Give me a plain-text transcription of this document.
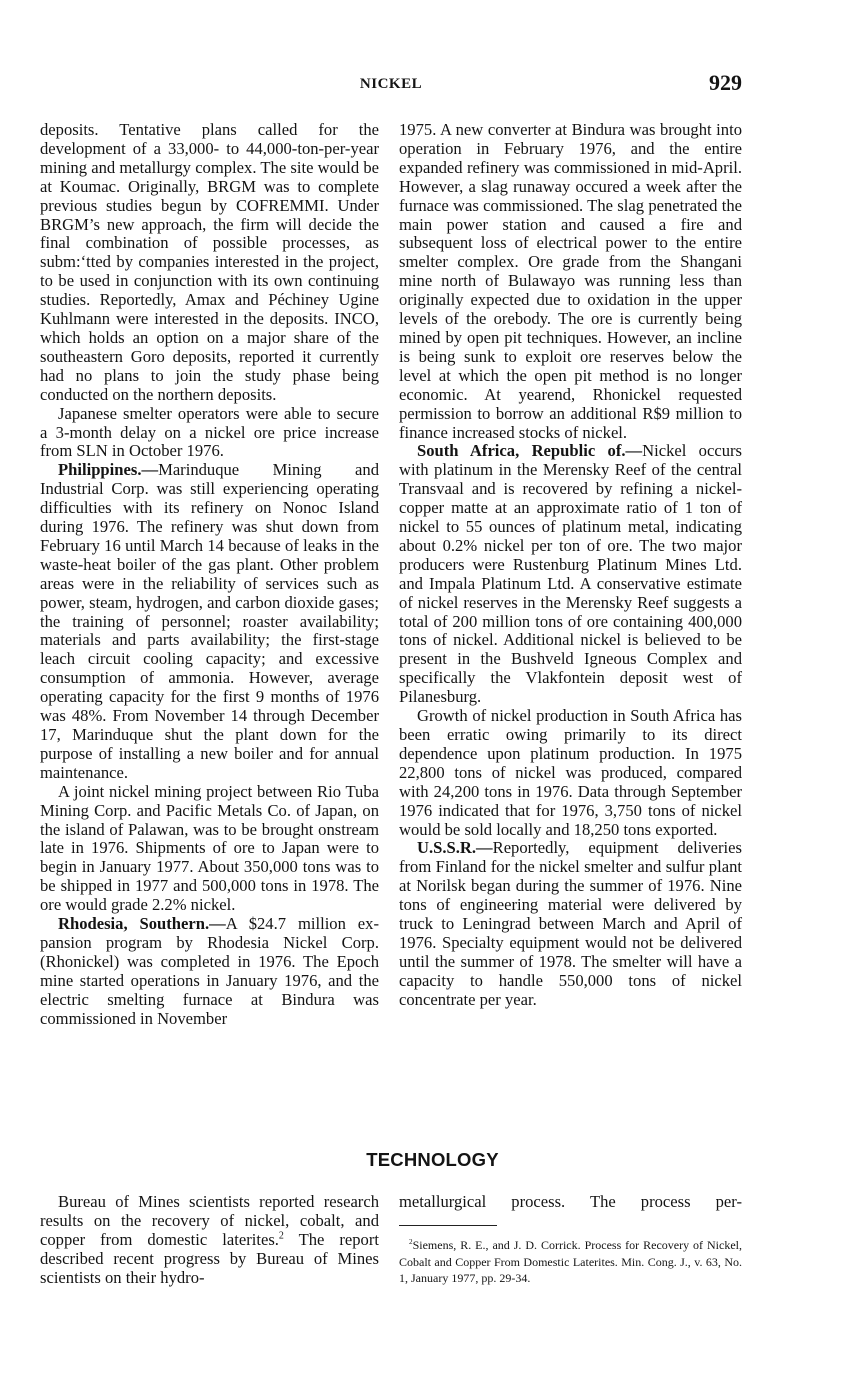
NICKEL	929

deposits. Tentative plans called for the development of a 33,000- to 44,000-ton-per-year mining and metallurgy complex. The site would be at Koumac. Originally, BRGM was to complete previous studies begun by COFREMMI. Under BRGM’s new approach, the firm will decide the final combination of possible processes, as subm:‘tted by companies interested in the project, to be used in conjunction with its own continuing studies. Reportedly, Amax and Péchiney Ugine Kuhlmann were interested in the deposits. INCO, which holds an option on a major share of the southeastern Goro deposits, reported it currently had no plans to join the study phase being conducted on the northern deposits.

Japanese smelter operators were able to secure a 3-month delay on a nickel ore price increase from SLN in October 1976.

Philippines.—Marinduque Mining and Industrial Corp. was still experiencing operating difficulties with its refinery on Nonoc Island during 1976. The refinery was shut down from February 16 until March 14 because of leaks in the waste-heat boiler of the gas plant. Other problem areas were in the reliability of services such as power, steam, hydrogen, and carbon dioxide gases; the training of personnel; roaster availability; materials and parts availability; the first-stage leach circuit cooling capacity; and excessive consumption of ammonia. However, average operating capacity for the first 9 months of 1976 was 48%. From November 14 through December 17, Marinduque shut the plant down for the purpose of installing a new boiler and for annual maintenance.

A joint nickel mining project between Rio Tuba Mining Corp. and Pacific Metals Co. of Japan, on the island of Palawan, was to be brought onstream late in 1976. Shipments of ore to Japan were to begin in January 1977. About 350,000 tons was to be shipped in 1977 and 500,000 tons in 1978. The ore would grade 2.2% nickel.

Rhodesia, Southern.—A $24.7 million expansion program by Rhodesia Nickel Corp. (Rhonickel) was completed in 1976. The Epoch mine started operations in January 1976, and the electric smelting furnace at Bindura was commissioned in November

1975. A new converter at Bindura was brought into operation in February 1976, and the entire expanded refinery was commissioned in mid-April. However, a slag runaway occured a week after the furnace was commissioned. The slag penetrated the main power station and caused a fire and subsequent loss of electrical power to the entire smelter complex. Ore grade from the Shangani mine north of Bulawayo was running less than originally expected due to oxidation in the upper levels of the orebody. The ore is currently being mined by open pit techniques. However, an incline is being sunk to exploit ore reserves below the level at which the open pit method is no longer economic. At yearend, Rhonickel requested permission to borrow an additional R$9 million to finance increased stocks of nickel.

South Africa, Republic of.—Nickel occurs with platinum in the Merensky Reef of the central Transvaal and is recovered by refining a nickel-copper matte at an approximate ratio of 1 ton of nickel to 55 ounces of platinum metal, indicating about 0.2% nickel per ton of ore. The two major producers were Rustenburg Platinum Mines Ltd. and Impala Platinum Ltd. A conservative estimate of nickel reserves in the Merensky Reef suggests a total of 200 million tons of ore containing 400,000 tons of nickel. Additional nickel is believed to be present in the Bushveld Igneous Complex and specifically the Vlakfontein deposit west of Pilanesburg.

Growth of nickel production in South Africa has been erratic owing primarily to its direct dependence upon platinum production. In 1975 22,800 tons of nickel was produced, compared with 24,200 tons in 1976. Data through September 1976 indicated that for 1976, 3,750 tons of nickel would be sold locally and 18,250 tons exported.

U.S.S.R.—Reportedly, equipment deliveries from Finland for the nickel smelter and sulfur plant at Norilsk began during the summer of 1976. Nine tons of engineering material were delivered by truck to Leningrad between March and April of 1976. Specialty equipment would not be delivered until the summer of 1978. The smelter will have a capacity to handle 550,000 tons of nickel concentrate per year.

TECHNOLOGY

Bureau of Mines scientists reported research results on the recovery of nickel, cobalt, and copper from domestic laterites.$^2$ The report described recent progress by Bureau of Mines scientists on their hydro-

metallurgical process. The process per-

$^2$Siemens, R. E., and J. D. Corrick. Process for Recovery of Nickel, Cobalt and Copper From Domestic Laterites. Min. Cong. J., v. 63, No. 1, January 1977, pp. 29-34.
